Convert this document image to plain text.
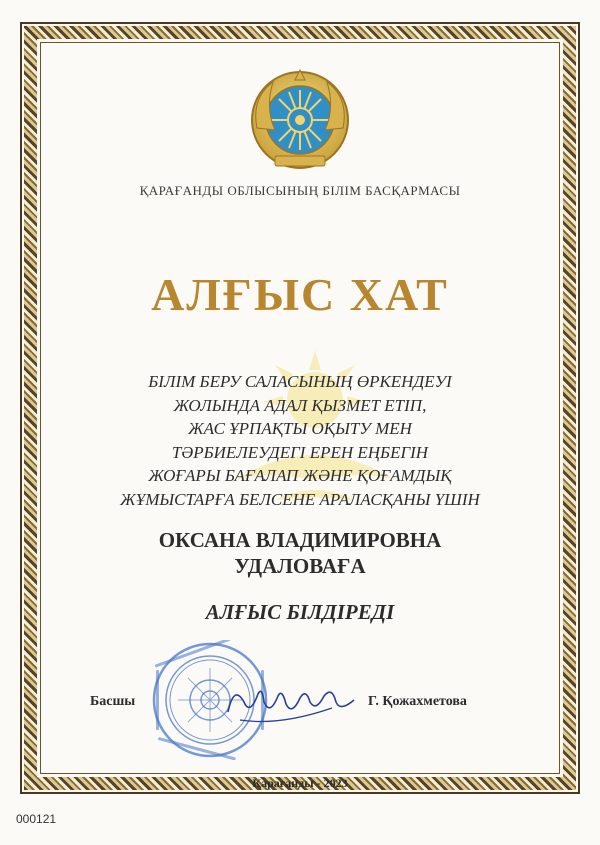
ҚАРАҒАНДЫ ОБЛЫСЫНЫҢ БІЛІМ БАСҚАРМАСЫ
АЛҒЫС ХАТ
БІЛІМ БЕРУ САЛАСЫНЫҢ ӨРКЕНДЕУІ
ЖОЛЫНДА АДАЛ ҚЫЗМЕТ ЕТІП,
ЖАС ҰРПАҚТЫ ОҚЫТУ МЕН
ТӘРБИЕЛЕУДЕГІ ЕРЕН ЕҢБЕГІН
ЖОҒАРЫ БАҒАЛАП ЖӘНЕ ҚОҒАМДЫҚ
ЖҰМЫСТАРҒА БЕЛСЕНЕ АРАЛАСҚАНЫ ҮШІН
ОКСАНА ВЛАДИМИРОВНА
УДАЛОВАҒА
АЛҒЫС БІЛДІРЕДІ
Басшы	Г. Қожахметова
Қарағанды - 2023
000121
